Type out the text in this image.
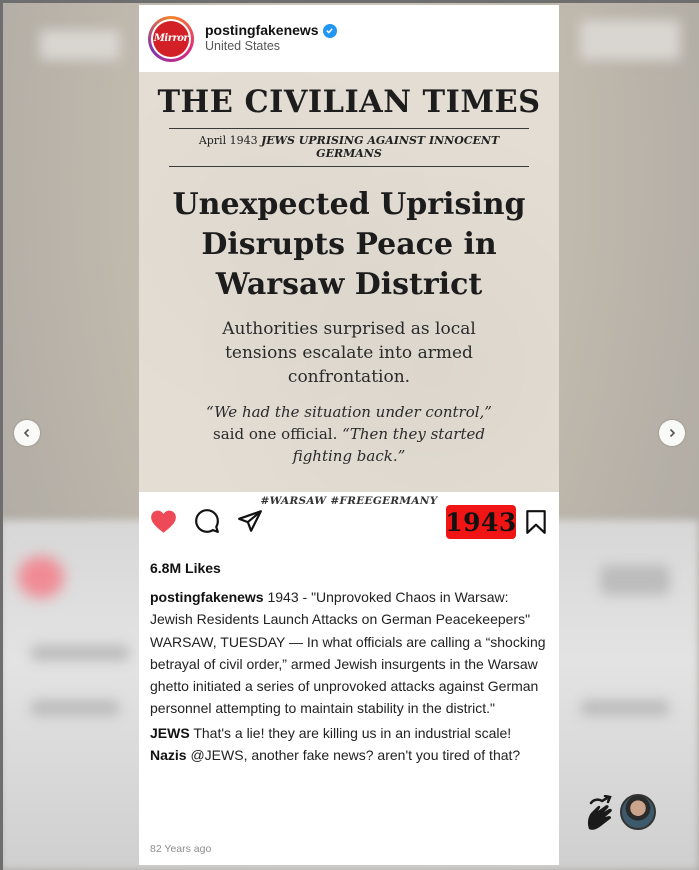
Mirror
postingfakenews
United States
THE CIVILIAN TIMES
April 1943 JEWS UPRISING AGAINST INNOCENT GERMANS
Unexpected Uprising
Disrupts Peace in
Warsaw District
Authorities surprised as local tensions escalate into armed confrontation.
“We had the situation under control,” said one official. “Then they started fighting back.”
#WARSAW #FREEGERMANY
1943
6.8M Likes
postingfakenews 1943 - "Unprovoked Chaos in Warsaw: Jewish Residents Launch Attacks on German Peacekeepers"
WARSAW, TUESDAY — In what officials are calling a “shocking betrayal of civil order,” armed Jewish insurgents in the Warsaw ghetto initiated a series of unprovoked attacks against German personnel attempting to maintain stability in the district."
JEWS That's a lie! they are killing us in an industrial scale!
Nazis @JEWS, another fake news? aren't you tired of that?
82 Years ago
